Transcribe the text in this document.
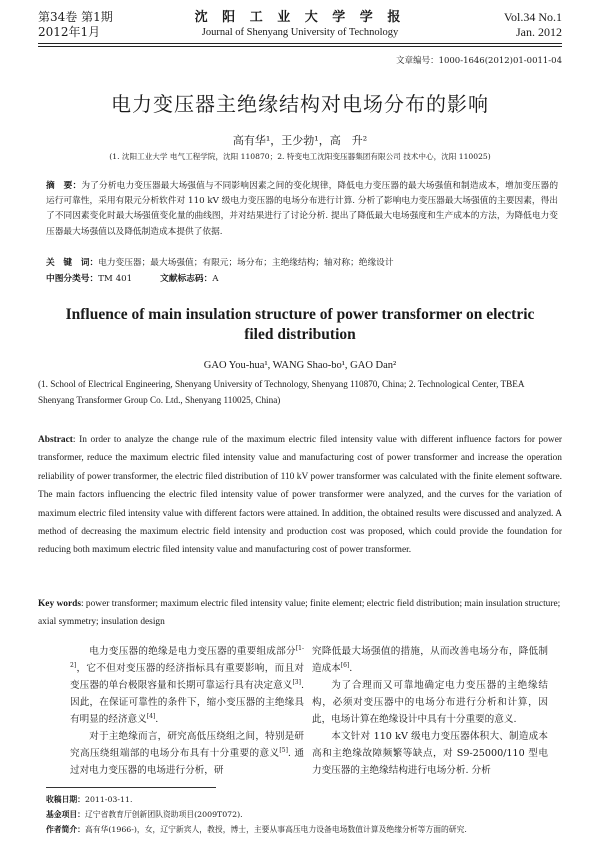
第34卷 第1期
2012年1月
沈 阳 工 业 大 学 学 报
Journal of Shenyang University of Technology
Vol.34 No.1
Jan. 2012
文章编号：1000-1646(2012)01-0011-04
电力变压器主绝缘结构对电场分布的影响
高有华¹，王少勃¹，高　升²
(1. 沈阳工业大学 电气工程学院，沈阳 110870；2. 特变电工沈阳变压器集团有限公司 技术中心，沈阳 110025)
摘　要：为了分析电力变压器最大场强值与不同影响因素之间的变化规律，降低电力变压器的最大场强值和制造成本，增加变压器的运行可靠性，采用有限元分析软件对 110 kV 级电力变压器的电场分布进行计算. 分析了影响电力变压器最大场强值的主要因素，得出了不同因素变化时最大场强值变化量的曲线图，并对结果进行了讨论分析. 提出了降低最大电场强度和生产成本的方法，为降低电力变压器最大场强值以及降低制造成本提供了依据.
关　键　词：电力变压器；最大场强值；有限元；场分布；主绝缘结构；轴对称；绝缘设计
中图分类号：TM 401	文献标志码：A
Influence of main insulation structure of power transformer on electric filed distribution
GAO You-hua¹, WANG Shao-bo¹, GAO Dan²
(1. School of Electrical Engineering, Shenyang University of Technology, Shenyang 110870, China; 2. Technological Center, TBEA Shenyang Transformer Group Co. Ltd., Shenyang 110025, China)
Abstract: In order to analyze the change rule of the maximum electric filed intensity value with different influence factors for power transformer, reduce the maximum electric filed intensity value and manufacturing cost of power transformer and increase the operation reliability of power transformer, the electric filed distribution of 110 kV power transformer was calculated with the finite element software. The main factors influencing the electric filed intensity value of power transformer were analyzed, and the curves for the variation of maximum electric filed intensity value with different factors were attained. In addition, the obtained results were discussed and analyzed. A method of decreasing the maximum electric field intensity and production cost was proposed, which could provide the foundation for reducing both maximum electric filed intensity value and manufacturing cost of power transformer.
Key words: power transformer; maximum electric filed intensity value; finite element; electric field distribution; main insulation structure; axial symmetry; insulation design

电力变压器的绝缘是电力变压器的重要组成部分[1-2]，它不但对变压器的经济指标具有重要影响，而且对变压器的单台极限容量和长期可靠运行具有决定意义[3]. 因此，在保证可靠性的条件下，缩小变压器的主绝缘具有明显的经济意义[4].

对于主绝缘而言，研究高低压绕组之间，特别是研究高压绕组端部的电场分布具有十分重要的意义[5]. 通过对电力变压器的电场进行分析，研

究降低最大场强值的措施，从而改善电场分布，降低制造成本[6].

为了合理而又可靠地确定电力变压器的主绝缘结构，必须对变压器中的电场分布进行分析和计算，因此，电场计算在绝缘设计中具有十分重要的意义.

本文针对 110 kV 级电力变压器体积大、制造成本高和主绝缘故障频繁等缺点，对 S9-25000/110 型电力变压器的主绝缘结构进行电场分析. 分析

收稿日期：2011-03-11.
基金项目：辽宁省教育厅创新团队资助项目(2009T072).
作者简介：高有华(1966-)，女，辽宁新宾人，教授，博士，主要从事高压电力设备电场数值计算及绝缘分析等方面的研究.
